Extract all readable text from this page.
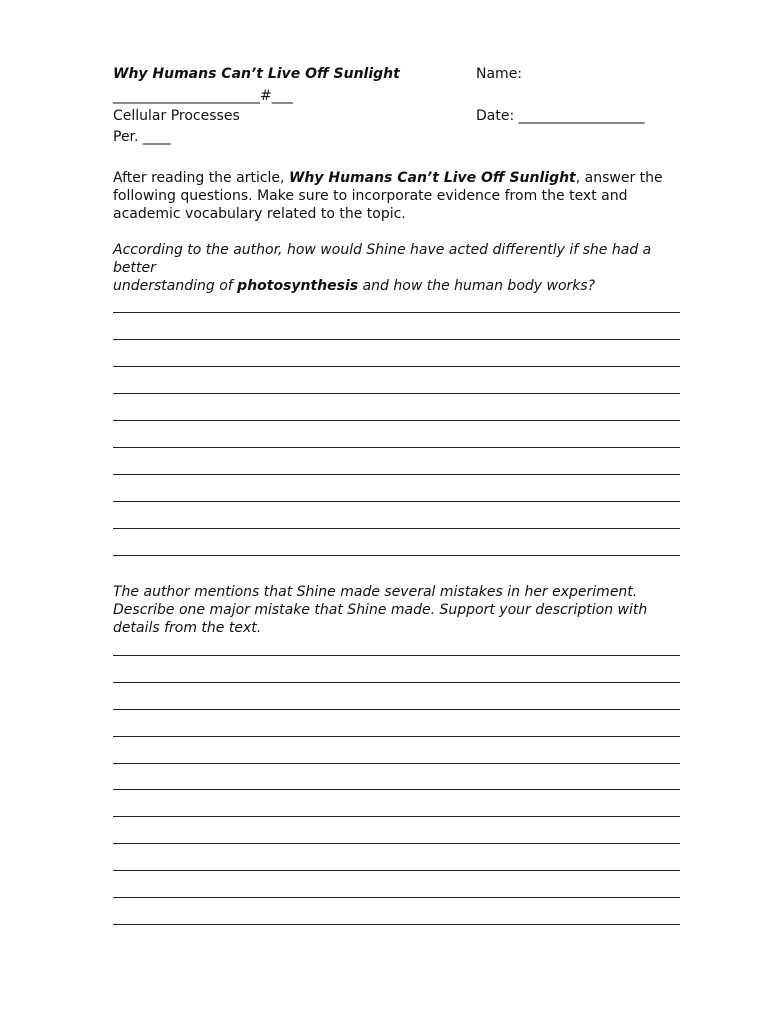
Why Humans Can’t Live Off Sunlight	Name:
_____________________#___
Cellular Processes	Date: __________________
Per. ____
After reading the article, Why Humans Can’t Live Off Sunlight, answer the following questions. Make sure to incorporate evidence from the text and academic vocabulary related to the topic.
According to the author, how would Shine have acted differently if she had a better
understanding of photosynthesis and how the human body works?
The author mentions that Shine made several mistakes in her experiment. Describe one major mistake that Shine made. Support your description with details from the text.
